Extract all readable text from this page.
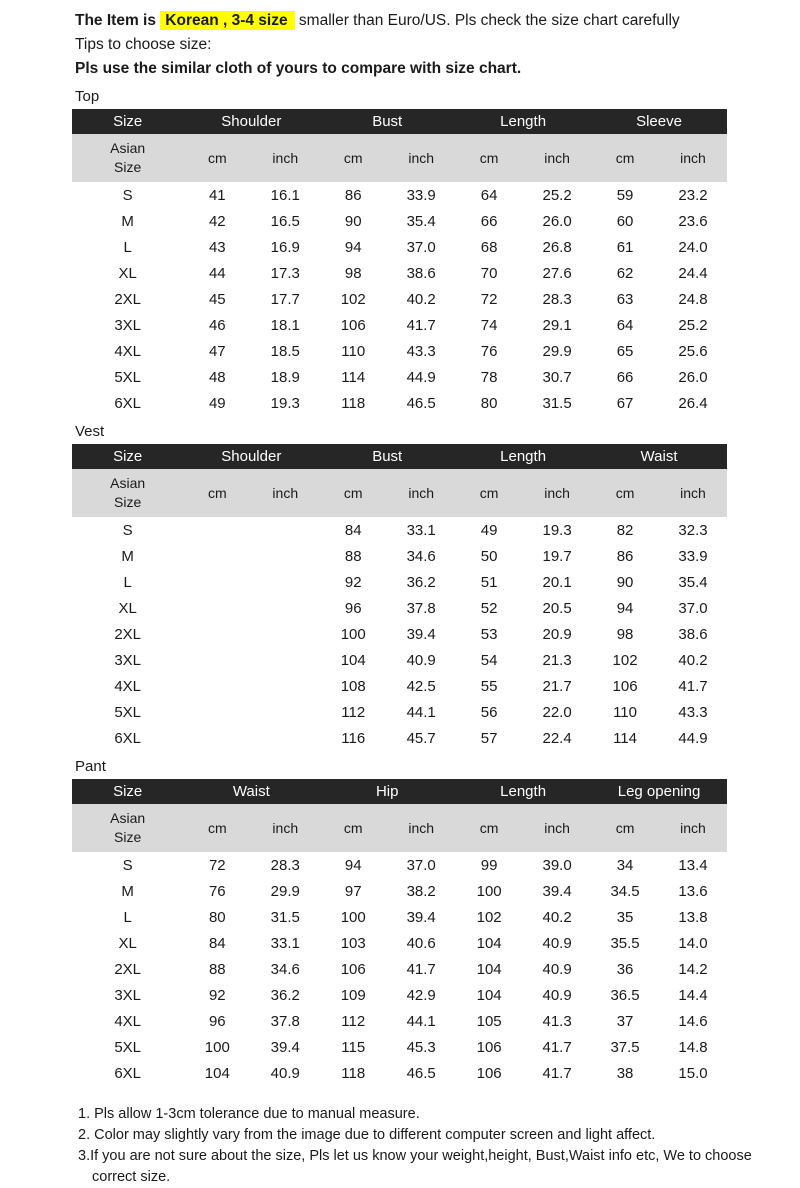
The Item is Korean , 3-4 size smaller than Euro/US. Pls check the size chart carefully
Tips to choose size:
Pls use the similar cloth of yours to compare with size chart.
Top
Size	Shoulder		Bust		Length		Sleeve	
Asian
Size	cm	inch	cm	inch	cm	inch	cm	inch
S	41	16.1	86	33.9	64	25.2	59	23.2
M	42	16.5	90	35.4	66	26.0	60	23.6
L	43	16.9	94	37.0	68	26.8	61	24.0
XL	44	17.3	98	38.6	70	27.6	62	24.4
2XL	45	17.7	102	40.2	72	28.3	63	24.8
3XL	46	18.1	106	41.7	74	29.1	64	25.2
4XL	47	18.5	110	43.3	76	29.9	65	25.6
5XL	48	18.9	114	44.9	78	30.7	66	26.0
6XL	49	19.3	118	46.5	80	31.5	67	26.4
Vest
Size	Shoulder		Bust		Length		Waist	
Asian
Size	cm	inch	cm	inch	cm	inch	cm	inch
S			84	33.1	49	19.3	82	32.3
M			88	34.6	50	19.7	86	33.9
L			92	36.2	51	20.1	90	35.4
XL			96	37.8	52	20.5	94	37.0
2XL			100	39.4	53	20.9	98	38.6
3XL			104	40.9	54	21.3	102	40.2
4XL			108	42.5	55	21.7	106	41.7
5XL			112	44.1	56	22.0	110	43.3
6XL			116	45.7	57	22.4	114	44.9
Pant
Size	Waist		Hip		Length		Leg opening	
Asian
Size	cm	inch	cm	inch	cm	inch	cm	inch
S	72	28.3	94	37.0	99	39.0	34	13.4
M	76	29.9	97	38.2	100	39.4	34.5	13.6
L	80	31.5	100	39.4	102	40.2	35	13.8
XL	84	33.1	103	40.6	104	40.9	35.5	14.0
2XL	88	34.6	106	41.7	104	40.9	36	14.2
3XL	92	36.2	109	42.9	104	40.9	36.5	14.4
4XL	96	37.8	112	44.1	105	41.3	37	14.6
5XL	100	39.4	115	45.3	106	41.7	37.5	14.8
6XL	104	40.9	118	46.5	106	41.7	38	15.0
1. Pls allow 1-3cm tolerance due to manual measure.
2. Color may slightly vary from the image due to different computer screen and light affect.
3.If you are not sure about the size, Pls let us know your weight,height, Bust,Waist info etc, We to choose correct size.
